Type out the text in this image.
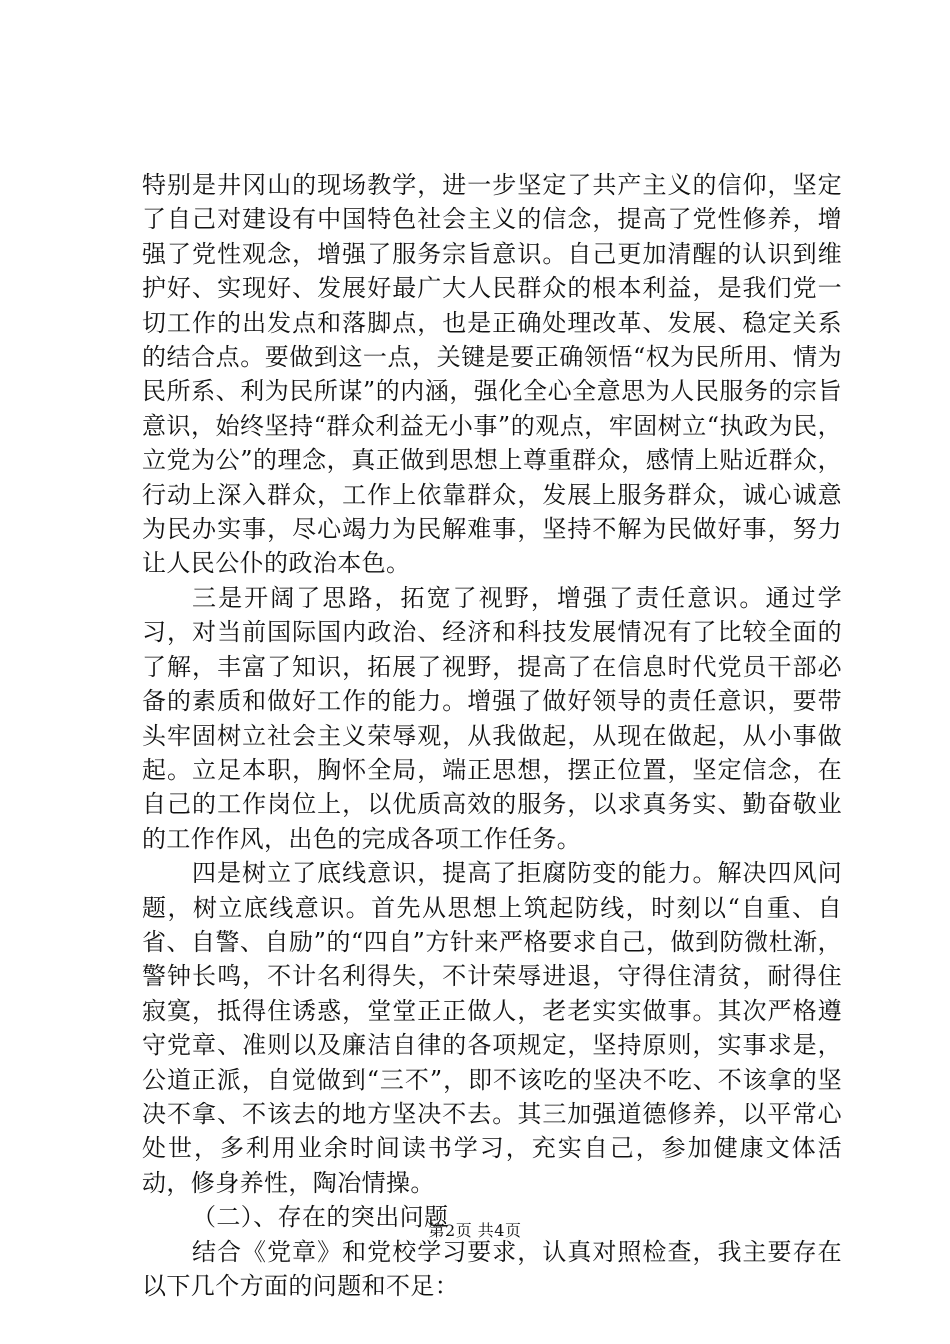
特别是井冈山的现场教学，进一步坚定了共产主义的信仰，坚定了自己对建设有中国特色社会主义的信念，提高了党性修养，增强了党性观念，增强了服务宗旨意识。自己更加清醒的认识到维护好、实现好、发展好最广大人民群众的根本利益，是我们党一切工作的出发点和落脚点，也是正确处理改革、发展、稳定关系的结合点。要做到这一点，关键是要正确领悟“权为民所用、情为民所系、利为民所谋”的内涵，强化全心全意思为人民服务的宗旨意识，始终坚持“群众利益无小事”的观点，牢固树立“执政为民，立党为公”的理念，真正做到思想上尊重群众，感情上贴近群众，行动上深入群众，工作上依靠群众，发展上服务群众，诚心诚意为民办实事，尽心竭力为民解难事，坚持不解为民做好事，努力让人民公仆的政治本色。

三是开阔了思路，拓宽了视野，增强了责任意识。通过学习，对当前国际国内政治、经济和科技发展情况有了比较全面的了解，丰富了知识，拓展了视野，提高了在信息时代党员干部必备的素质和做好工作的能力。增强了做好领导的责任意识，要带头牢固树立社会主义荣辱观，从我做起，从现在做起，从小事做起。立足本职，胸怀全局，端正思想，摆正位置，坚定信念，在自己的工作岗位上，以优质高效的服务，以求真务实、勤奋敬业的工作作风，出色的完成各项工作任务。

四是树立了底线意识，提高了拒腐防变的能力。解决四风问题，树立底线意识。首先从思想上筑起防线，时刻以“自重、自省、自警、自励”的“四自”方针来严格要求自己，做到防微杜渐，警钟长鸣，不计名利得失，不计荣辱进退，守得住清贫，耐得住寂寞，抵得住诱惑，堂堂正正做人，老老实实做事。其次严格遵守党章、准则以及廉洁自律的各项规定，坚持原则，实事求是，公道正派，自觉做到“三不”，即不该吃的坚决不吃、不该拿的坚决不拿、不该去的地方坚决不去。其三加强道德修养，以平常心处世，多利用业余时间读书学习，充实自己，参加健康文体活动，修身养性，陶冶情操。

（二）、存在的突出问题

结合《党章》和党校学习要求，认真对照检查，我主要存在以下几个方面的问题和不足：

第2页 共4页
